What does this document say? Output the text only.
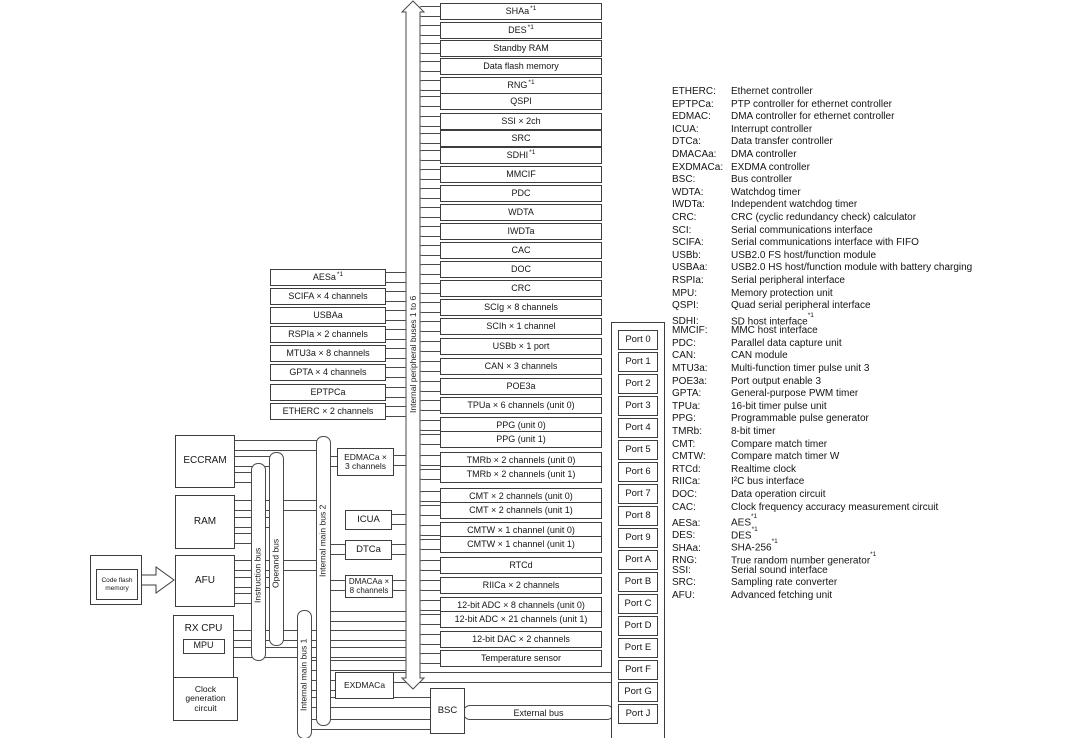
Instruction bus Operand bus	Internal main bus 2
Internal main bus 1
Internal peripheral buses 1 to 6
ECCRAM
RAM
AFU
RX CPU
MPU
Clock generation circuit
Code flash memory
EDMACa ×
3 channels
ICUA
DTCa
DMACAa ×
8 channels
EXDMACa
BSC	External bus
ETHERC: Ethernet controller
EPTPCa: PTP controller for ethernet controller
EDMAC: DMA controller for ethernet controller
ICUA:	Interrupt controller
DTCa:	Data transfer controller
DMACAa: DMA controller
EXDMACa: EXDMA controller
BSC:	Bus controller
WDTA:	Watchdog timer
IWDTa:	Independent watchdog timer
CRC:	CRC (cyclic redundancy check) calculator
SCI:	Serial communications interface
SCIFA:	Serial communications interface with FIFO
USBb:	USB2.0 FS host/function module
USBAa: USB2.0 HS host/function module with battery charging
RSPIa:	Serial peripheral interface
MPU:	Memory protection unit
QSPI:	Quad serial peripheral interface
SDHI:	SD host interface$^{*1}$
MMCIF: MMC host interface
PDC:	Parallel data capture unit
CAN:	CAN module
MTU3a: Multi-function timer pulse unit 3
POE3a: Port output enable 3
GPTA:	General-purpose PWM timer
TPUa:	16-bit timer pulse unit
PPG:	Programmable pulse generator
TMRb:	8-bit timer
CMT:	Compare match timer
CMTW:	Compare match timer W
RTCd:	Realtime clock
RIICa:	I²C bus interface
DOC:	Data operation circuit
CAC:	Clock frequency accuracy measurement circuit
AESa:	AES$^{*1}$
DES:	DES$^{*1}$
SHAa:	SHA-256$^{*1}$
RNG:	True random number generator$^{*1}$
SSI:	Serial sound interface
SRC:	Sampling rate converter
AFU:	Advanced fetching unit
SHAa$^{*1}$
DES$^{*1}$
Standby RAM
Data flash memory
RNG$^{*1}$
QSPI
SSI × 2ch
SRC
SDHI$^{*1}$
MMCIF
PDC
WDTA
IWDTa
CAC
DOC
CRC
SCIg × 8 channels
SCIh × 1 channel
USBb × 1 port
CAN × 3 channels
POE3a
TPUa × 6 channels (unit 0)
PPG (unit 0)
PPG (unit 1)
TMRb × 2 channels (unit 0)
TMRb × 2 channels (unit 1)
CMT × 2 channels (unit 0)
CMT × 2 channels (unit 1)
CMTW × 1 channel (unit 0)
CMTW × 1 channel (unit 1)
RTCd
RIICa × 2 channels
12-bit ADC × 8 channels (unit 0)
12-bit ADC × 21 channels (unit 1)
12-bit DAC × 2 channels
Temperature sensor
AESa$^{*1}$
SCIFA × 4 channels
USBAa
RSPIa × 2 channels
MTU3a × 8 channels
GPTA × 4 channels
EPTPCa
ETHERC × 2 channels
Port 0
Port 1
Port 2
Port 3
Port 4
Port 5
Port 6
Port 7
Port 8
Port 9
Port A
Port B
Port C
Port D
Port E
Port F
Port G
Port J
